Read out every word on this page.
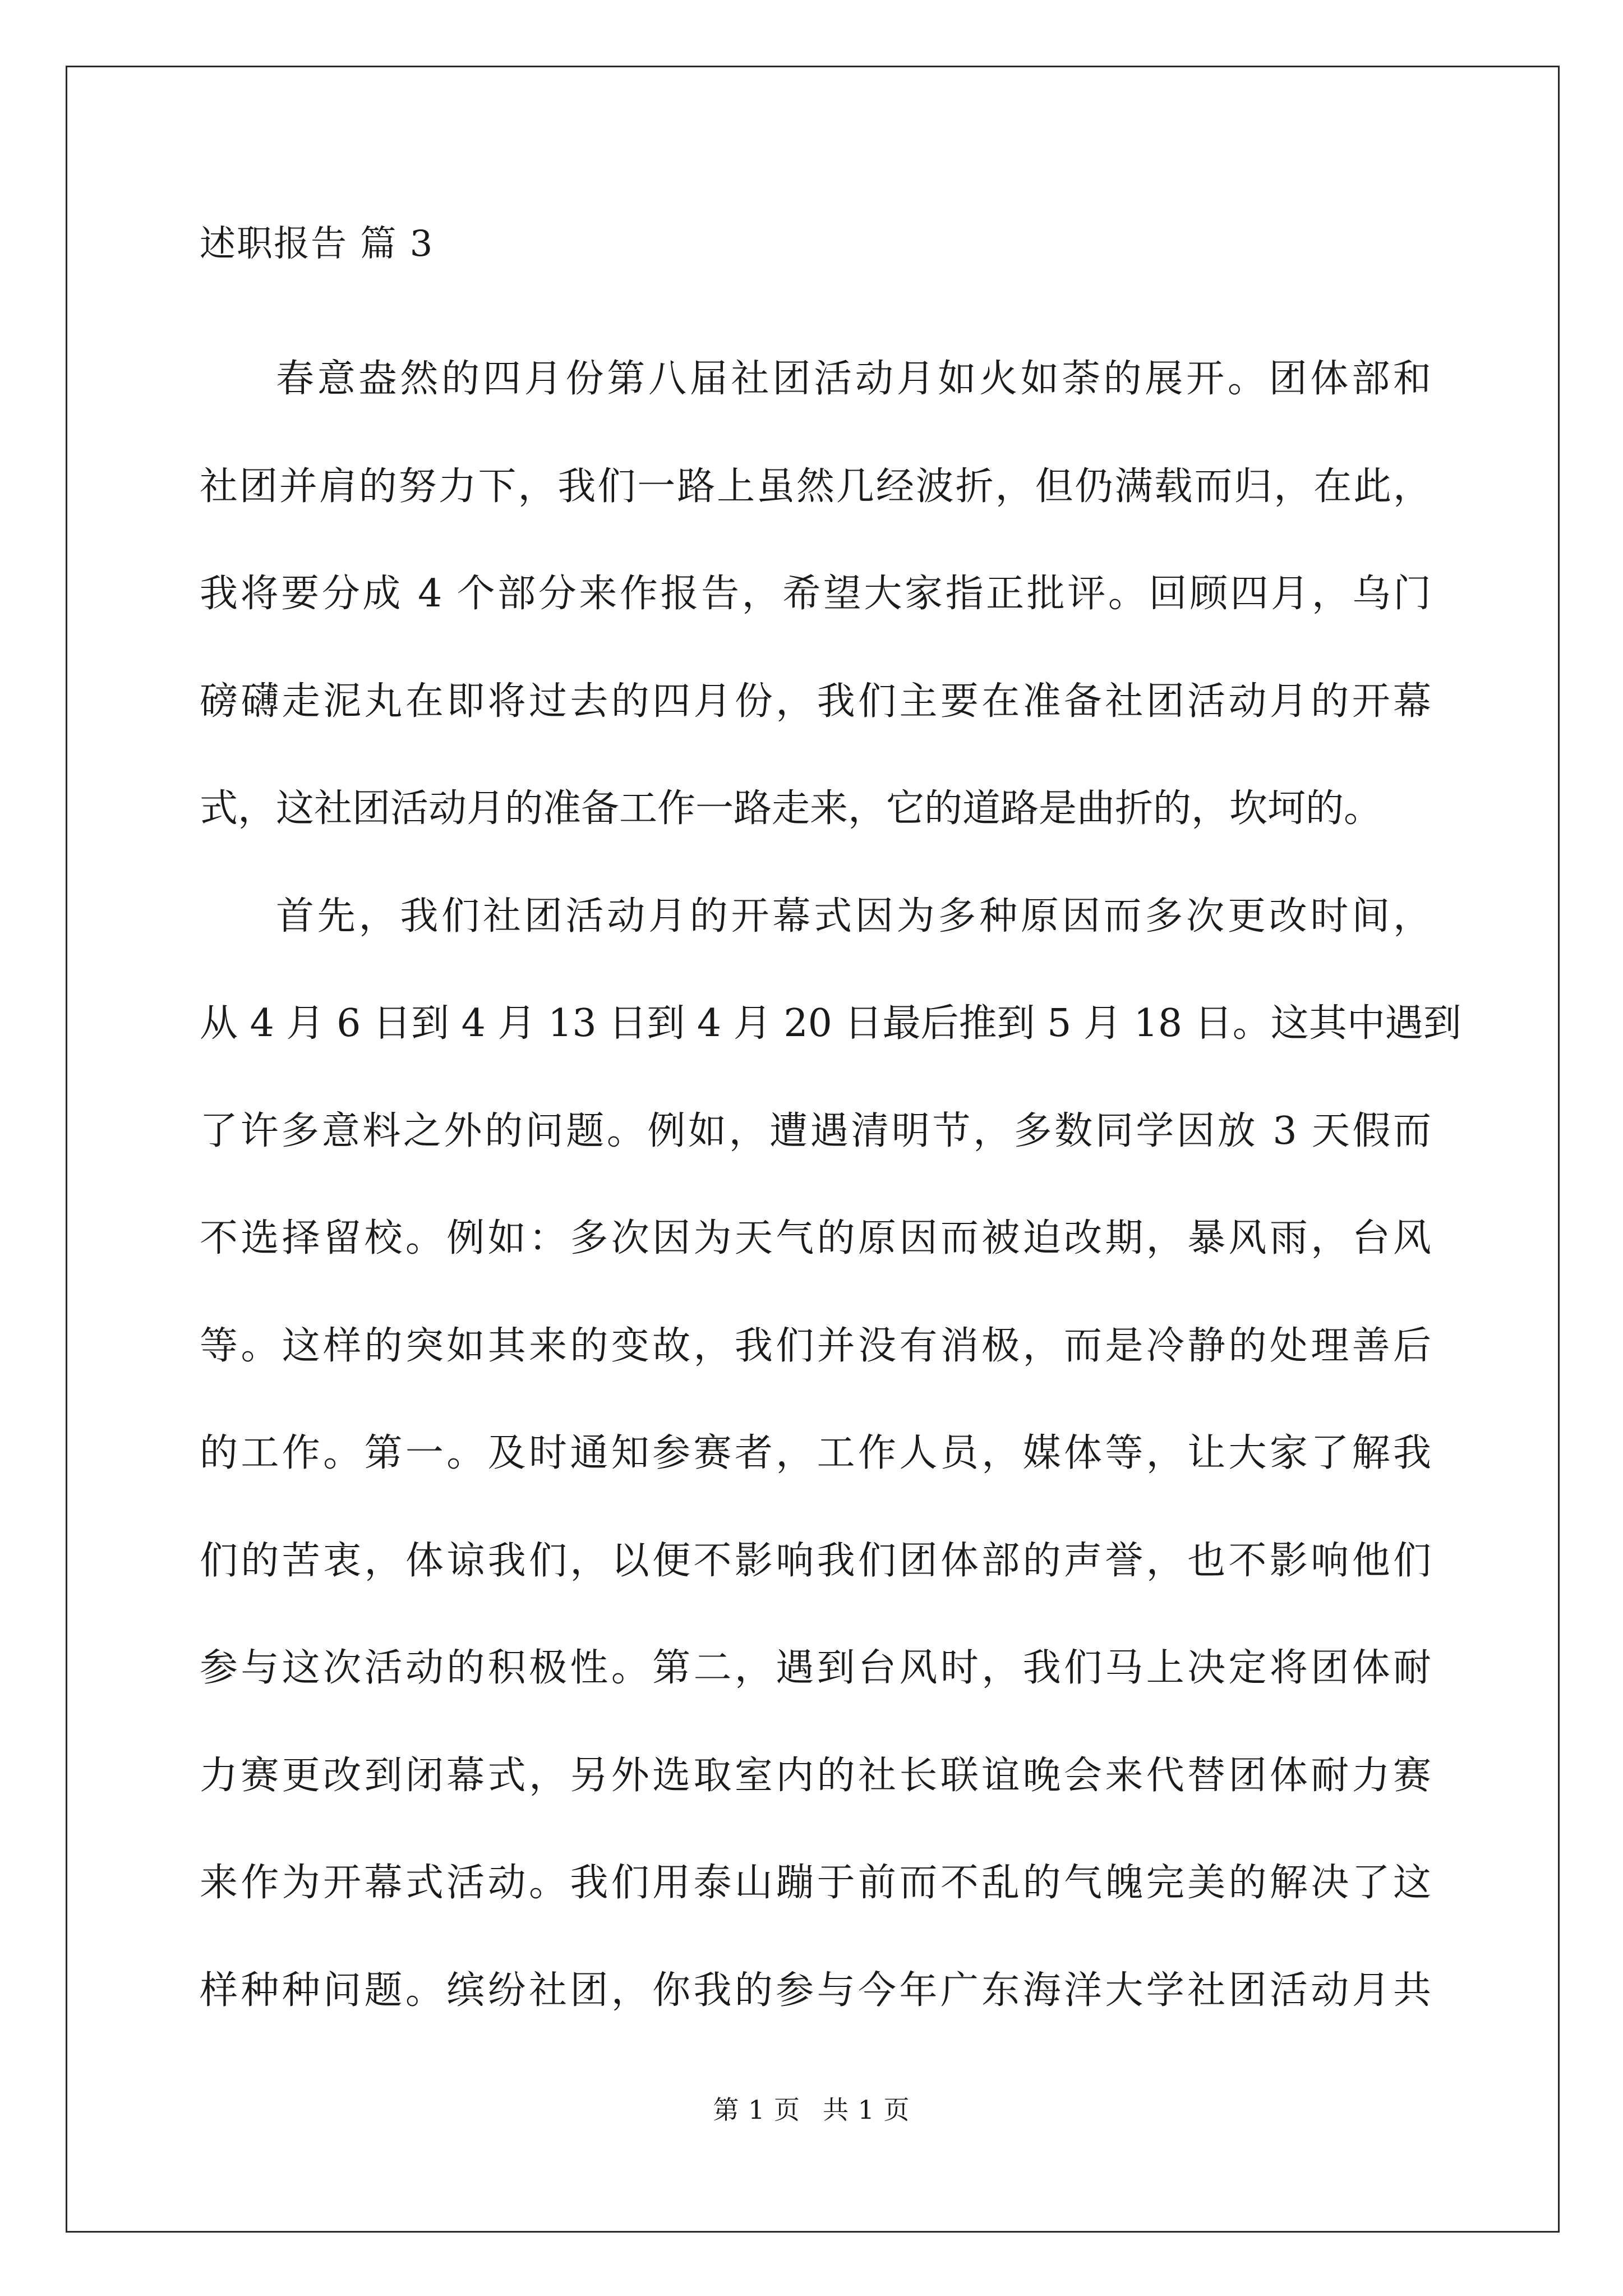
述职报告 篇 3
春意盎然的四月份第八届社团活动月如火如荼的展开。团体部和
社团并肩的努力下，我们一路上虽然几经波折，但仍满载而归，在此，
我将要分成 4 个部分来作报告，希望大家指正批评。回顾四月，乌门
磅礴走泥丸在即将过去的四月份，我们主要在准备社团活动月的开幕
式，这社团活动月的准备工作一路走来，它的道路是曲折的，坎坷的。
首先，我们社团活动月的开幕式因为多种原因而多次更改时间，
从 4 月 6 日到 4 月 13 日到 4 月 20 日最后推到 5 月 18 日。这其中遇到
了许多意料之外的问题。例如，遭遇清明节，多数同学因放 3 天假而
不选择留校。例如：多次因为天气的原因而被迫改期，暴风雨，台风
等。这样的突如其来的变故，我们并没有消极，而是冷静的处理善后
的工作。第一。及时通知参赛者，工作人员，媒体等，让大家了解我
们的苦衷，体谅我们，以便不影响我们团体部的声誉，也不影响他们
参与这次活动的积极性。第二，遇到台风时，我们马上决定将团体耐
力赛更改到闭幕式，另外选取室内的社长联谊晚会来代替团体耐力赛
来作为开幕式活动。我们用泰山蹦于前而不乱的气魄完美的解决了这
样种种问题。缤纷社团，你我的参与今年广东海洋大学社团活动月共
第 1 页 共 1 页
